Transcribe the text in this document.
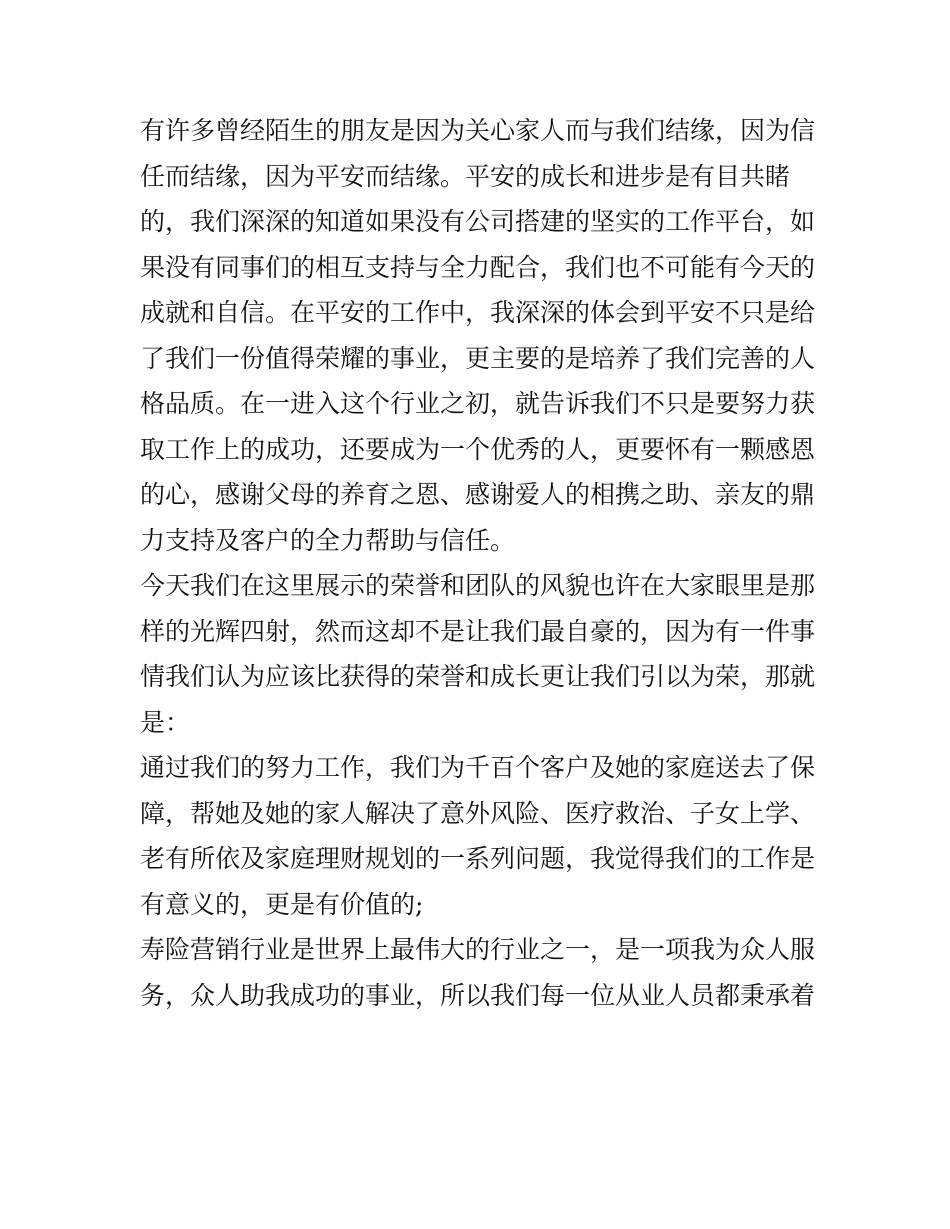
有许多曾经陌生的朋友是因为关心家人而与我们结缘，因为信

任而结缘，因为平安而结缘。平安的成长和进步是有目共睹

的，我们深深的知道如果没有公司搭建的坚实的工作平台，如

果没有同事们的相互支持与全力配合，我们也不可能有今天的

成就和自信。在平安的工作中，我深深的体会到平安不只是给

了我们一份值得荣耀的事业，更主要的是培养了我们完善的人

格品质。在一进入这个行业之初，就告诉我们不只是要努力获

取工作上的成功，还要成为一个优秀的人，更要怀有一颗感恩

的心，感谢父母的养育之恩、感谢爱人的相携之助、亲友的鼎

力支持及客户的全力帮助与信任。

今天我们在这里展示的荣誉和团队的风貌也许在大家眼里是那

样的光辉四射，然而这却不是让我们最自豪的，因为有一件事

情我们认为应该比获得的荣誉和成长更让我们引以为荣，那就

是：

通过我们的努力工作，我们为千百个客户及她的家庭送去了保

障，帮她及她的家人解决了意外风险、医疗救治、子女上学、

老有所依及家庭理财规划的一系列问题，我觉得我们的工作是

有意义的，更是有价值的;

寿险营销行业是世界上最伟大的行业之一，是一项我为众人服

务，众人助我成功的事业，所以我们每一位从业人员都秉承着
